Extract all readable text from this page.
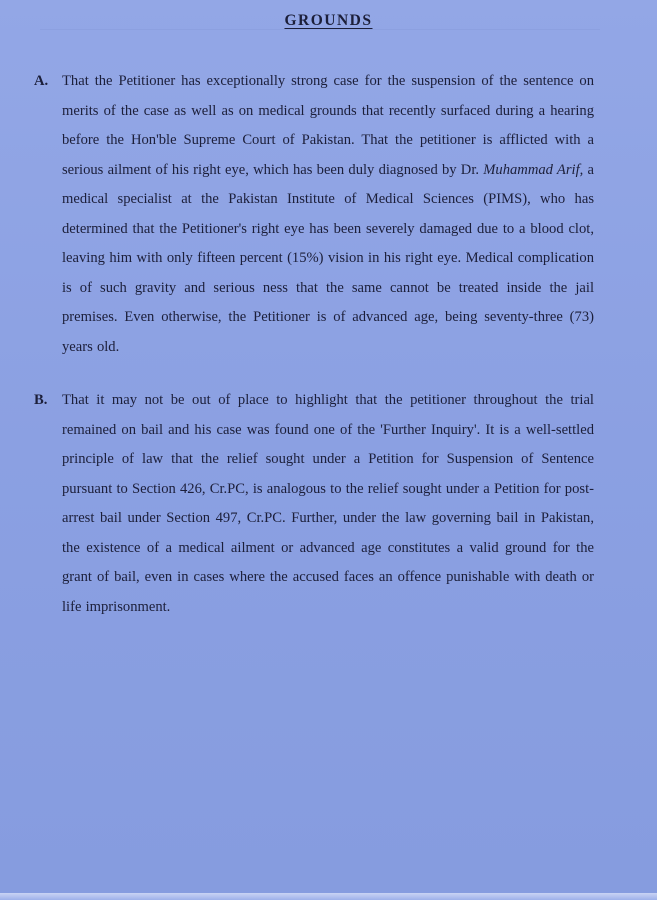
GROUNDS
A. That the Petitioner has exceptionally strong case for the suspension of the sentence on merits of the case as well as on medical grounds that recently surfaced during a hearing before the Hon'ble Supreme Court of Pakistan. That the petitioner is afflicted with a serious ailment of his right eye, which has been duly diagnosed by Dr. Muhammad Arif, a medical specialist at the Pakistan Institute of Medical Sciences (PIMS), who has determined that the Petitioner's right eye has been severely damaged due to a blood clot, leaving him with only fifteen percent (15%) vision in his right eye. Medical complication is of such gravity and serious ness that the same cannot be treated inside the jail premises. Even otherwise, the Petitioner is of advanced age, being seventy-three (73) years old.
B. That it may not be out of place to highlight that the petitioner throughout the trial remained on bail and his case was found one of the 'Further Inquiry'. It is a well-settled principle of law that the relief sought under a Petition for Suspension of Sentence pursuant to Section 426, Cr.PC, is analogous to the relief sought under a Petition for post-arrest bail under Section 497, Cr.PC. Further, under the law governing bail in Pakistan, the existence of a medical ailment or advanced age constitutes a valid ground for the grant of bail, even in cases where the accused faces an offence punishable with death or life imprisonment.
